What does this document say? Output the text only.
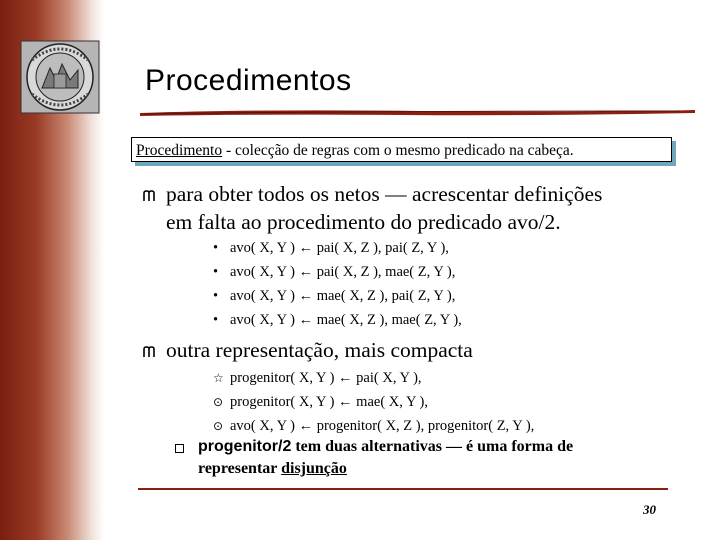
Procedimentos
Procedimento - colecção de regras com o mesmo predicado na cabeça.
para obter todos os netos — acrescentar definições
em falta ao procedimento do predicado avo/2.
• avo( X, Y ) ← pai( X, Z ), pai( Z, Y ),
• avo( X, Y ) ← pai( X, Z ), mae( Z, Y ),
• avo( X, Y ) ← mae( X, Z ), pai( Z, Y ),
• avo( X, Y ) ← mae( X, Z ), mae( Z, Y ),
outra representação, mais compacta
☆ progenitor( X, Y ) ← pai( X, Y ),
⊙ progenitor( X, Y ) ← mae( X, Y ),
⊙ avo( X, Y ) ← progenitor( X, Z ), progenitor( Z, Y ),
progenitor/2 tem duas alternativas — é uma forma de
representar disjunção
30
